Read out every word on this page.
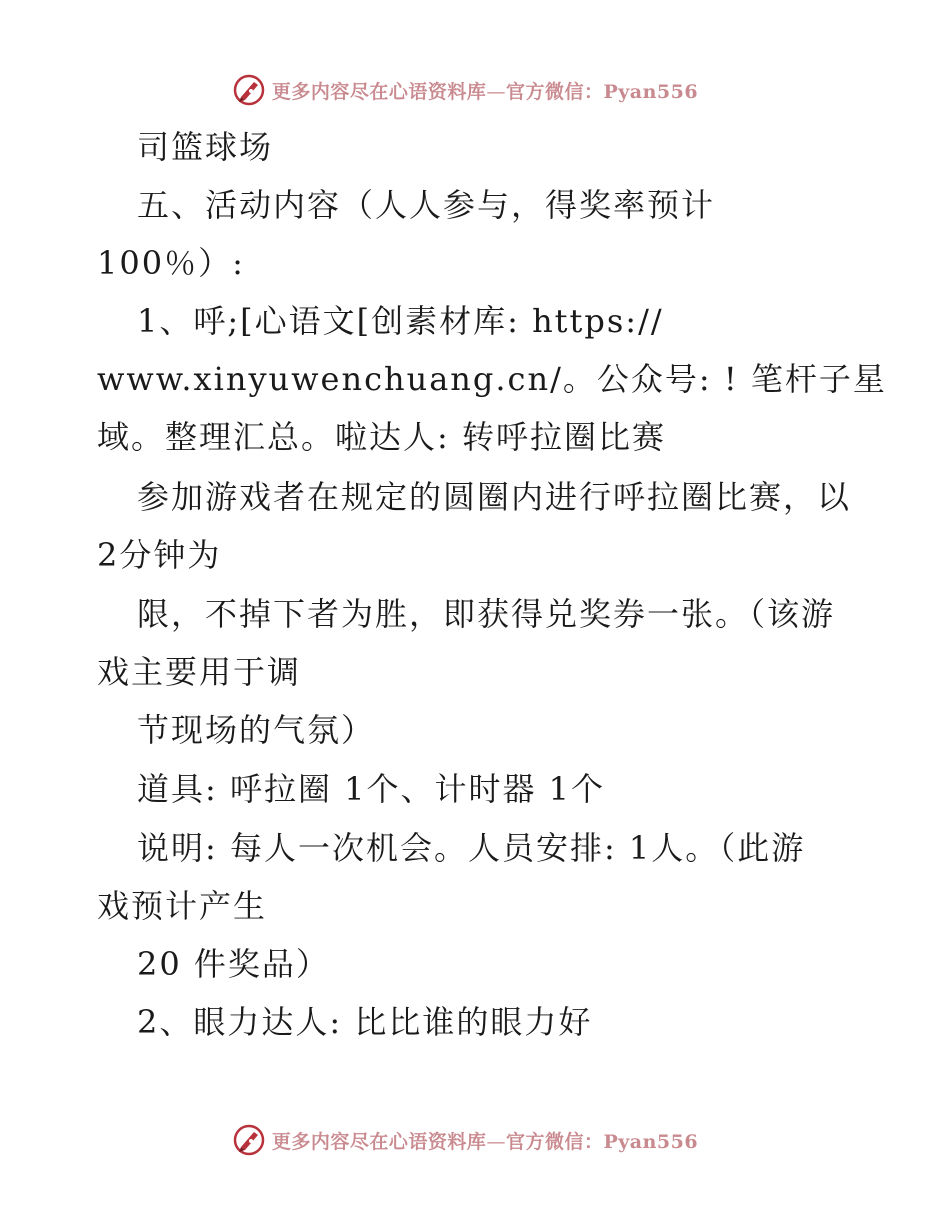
更多内容尽在心语资料库—官方微信：Pyan556
司篮球场
五、活动内容（人人参与，得奖率预计
100％）:
1、呼;[心语文[创素材库: https://
www.xinyuwenchuang.cn/。公众号: ! 笔杆子星
域。整理汇总。啦达人: 转呼拉圈比赛
参加游戏者在规定的圆圈内进行呼拉圈比赛，以
2分钟为
限，不掉下者为胜，即获得兑奖券一张。（该游
戏主要用于调
节现场的气氛）
道具: 呼拉圈 1个、计时器 1个
说明: 每人一次机会。人员安排: 1人。（此游
戏预计产生
20 件奖品）
2、眼力达人: 比比谁的眼力好
更多内容尽在心语资料库—官方微信：Pyan556
